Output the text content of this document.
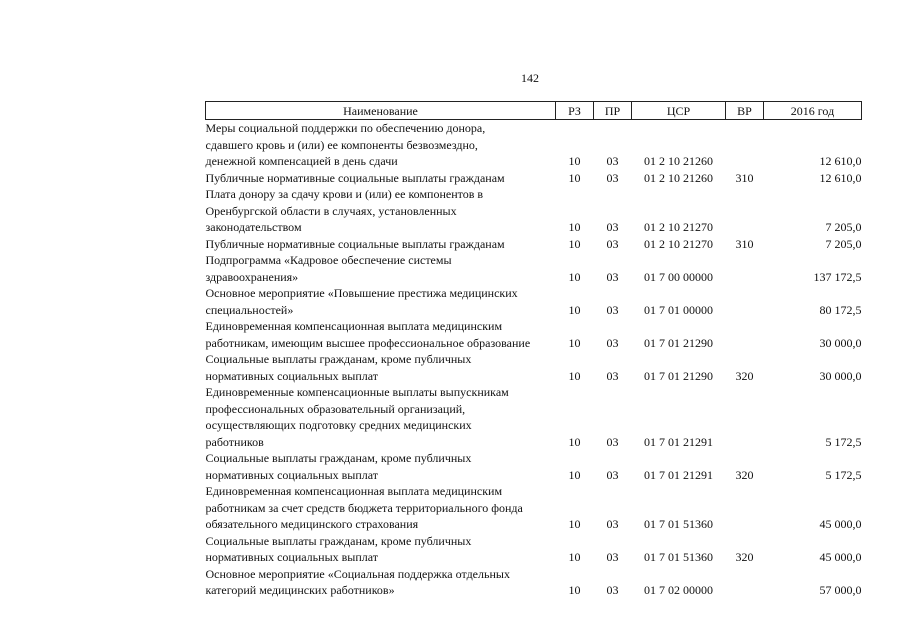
142
Наименование	РЗ	ПР	ЦСР	ВР	2016 год

Меры социальной поддержки по обеспечению донора,
сдавшего кровь и (или) ее компоненты безвозмездно,
денежной компенсацией в день сдачи	10	03	01 2 10 21260		12 610,0

Публичные нормативные социальные выплаты гражданам	10	03	01 2 10 21260	310	12 610,0

Плата донору за сдачу крови и (или) ее компонентов в
Оренбургской области в случаях, установленных
законодательством	10	03	01 2 10 21270		7 205,0

Публичные нормативные социальные выплаты гражданам	10	03	01 2 10 21270	310	7 205,0

Подпрограмма «Кадровое обеспечение системы
здравоохранения»	10	03	01 7 00 00000		137 172,5

Основное мероприятие «Повышение престижа медицинских
специальностей»	10	03	01 7 01 00000		80 172,5

Единовременная компенсационная выплата медицинским
работникам, имеющим высшее профессиональное образование	10	03	01 7 01 21290		30 000,0

Социальные выплаты гражданам, кроме публичных
нормативных социальных выплат	10	03	01 7 01 21290	320	30 000,0

Единовременные компенсационные выплаты выпускникам
профессиональных образовательный организаций,
осуществляющих подготовку средних медицинских
работников	10	03	01 7 01 21291		5 172,5

Социальные выплаты гражданам, кроме публичных
нормативных социальных выплат	10	03	01 7 01 21291	320	5 172,5

Единовременная компенсационная выплата медицинским
работникам за счет средств бюджета территориального фонда
обязательного медицинского страхования	10	03	01 7 01 51360		45 000,0

Социальные выплаты гражданам, кроме публичных
нормативных социальных выплат	10	03	01 7 01 51360	320	45 000,0

Основное мероприятие «Социальная поддержка отдельных
категорий медицинских работников»	10	03	01 7 02 00000		57 000,0
